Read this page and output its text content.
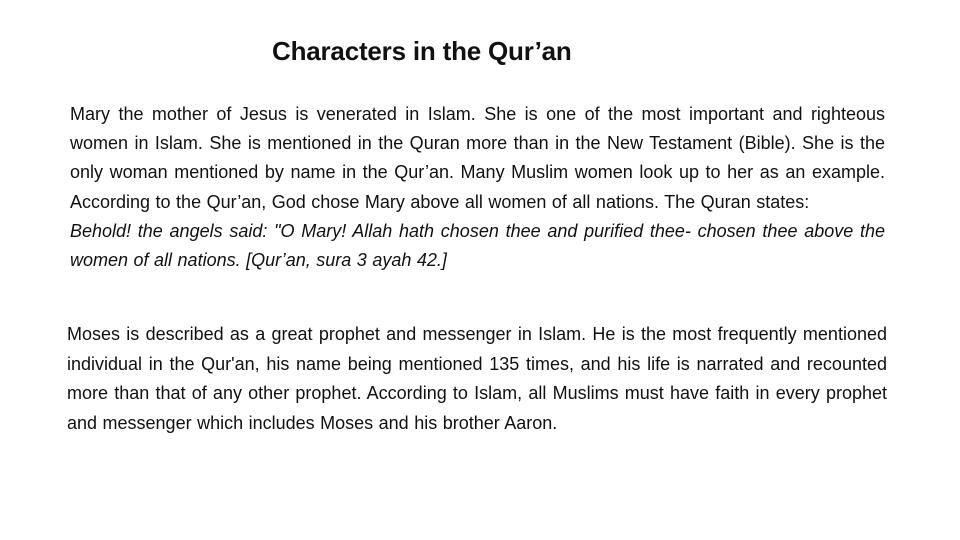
Characters in the Qur’an
Mary the mother of Jesus is venerated in Islam. She is one of the most important and righteous women in Islam. She is mentioned in the Quran more than in the New Testament (Bible). She is the only woman mentioned by name in the Qur’an. Many Muslim women look up to her as an example. According to the Qur’an, God chose Mary above all women of all nations. The Quran states:
Behold! the angels said: "O Mary! Allah hath chosen thee and purified thee- chosen thee above the women of all nations. [Qur’an, sura 3 ayah 42.]
Moses is described as a great prophet and messenger in Islam. He is the most frequently mentioned individual in the Qur'an, his name being mentioned 135 times, and his life is narrated and recounted more than that of any other prophet. According to Islam, all Muslims must have faith in every prophet and messenger which includes Moses and his brother Aaron.
